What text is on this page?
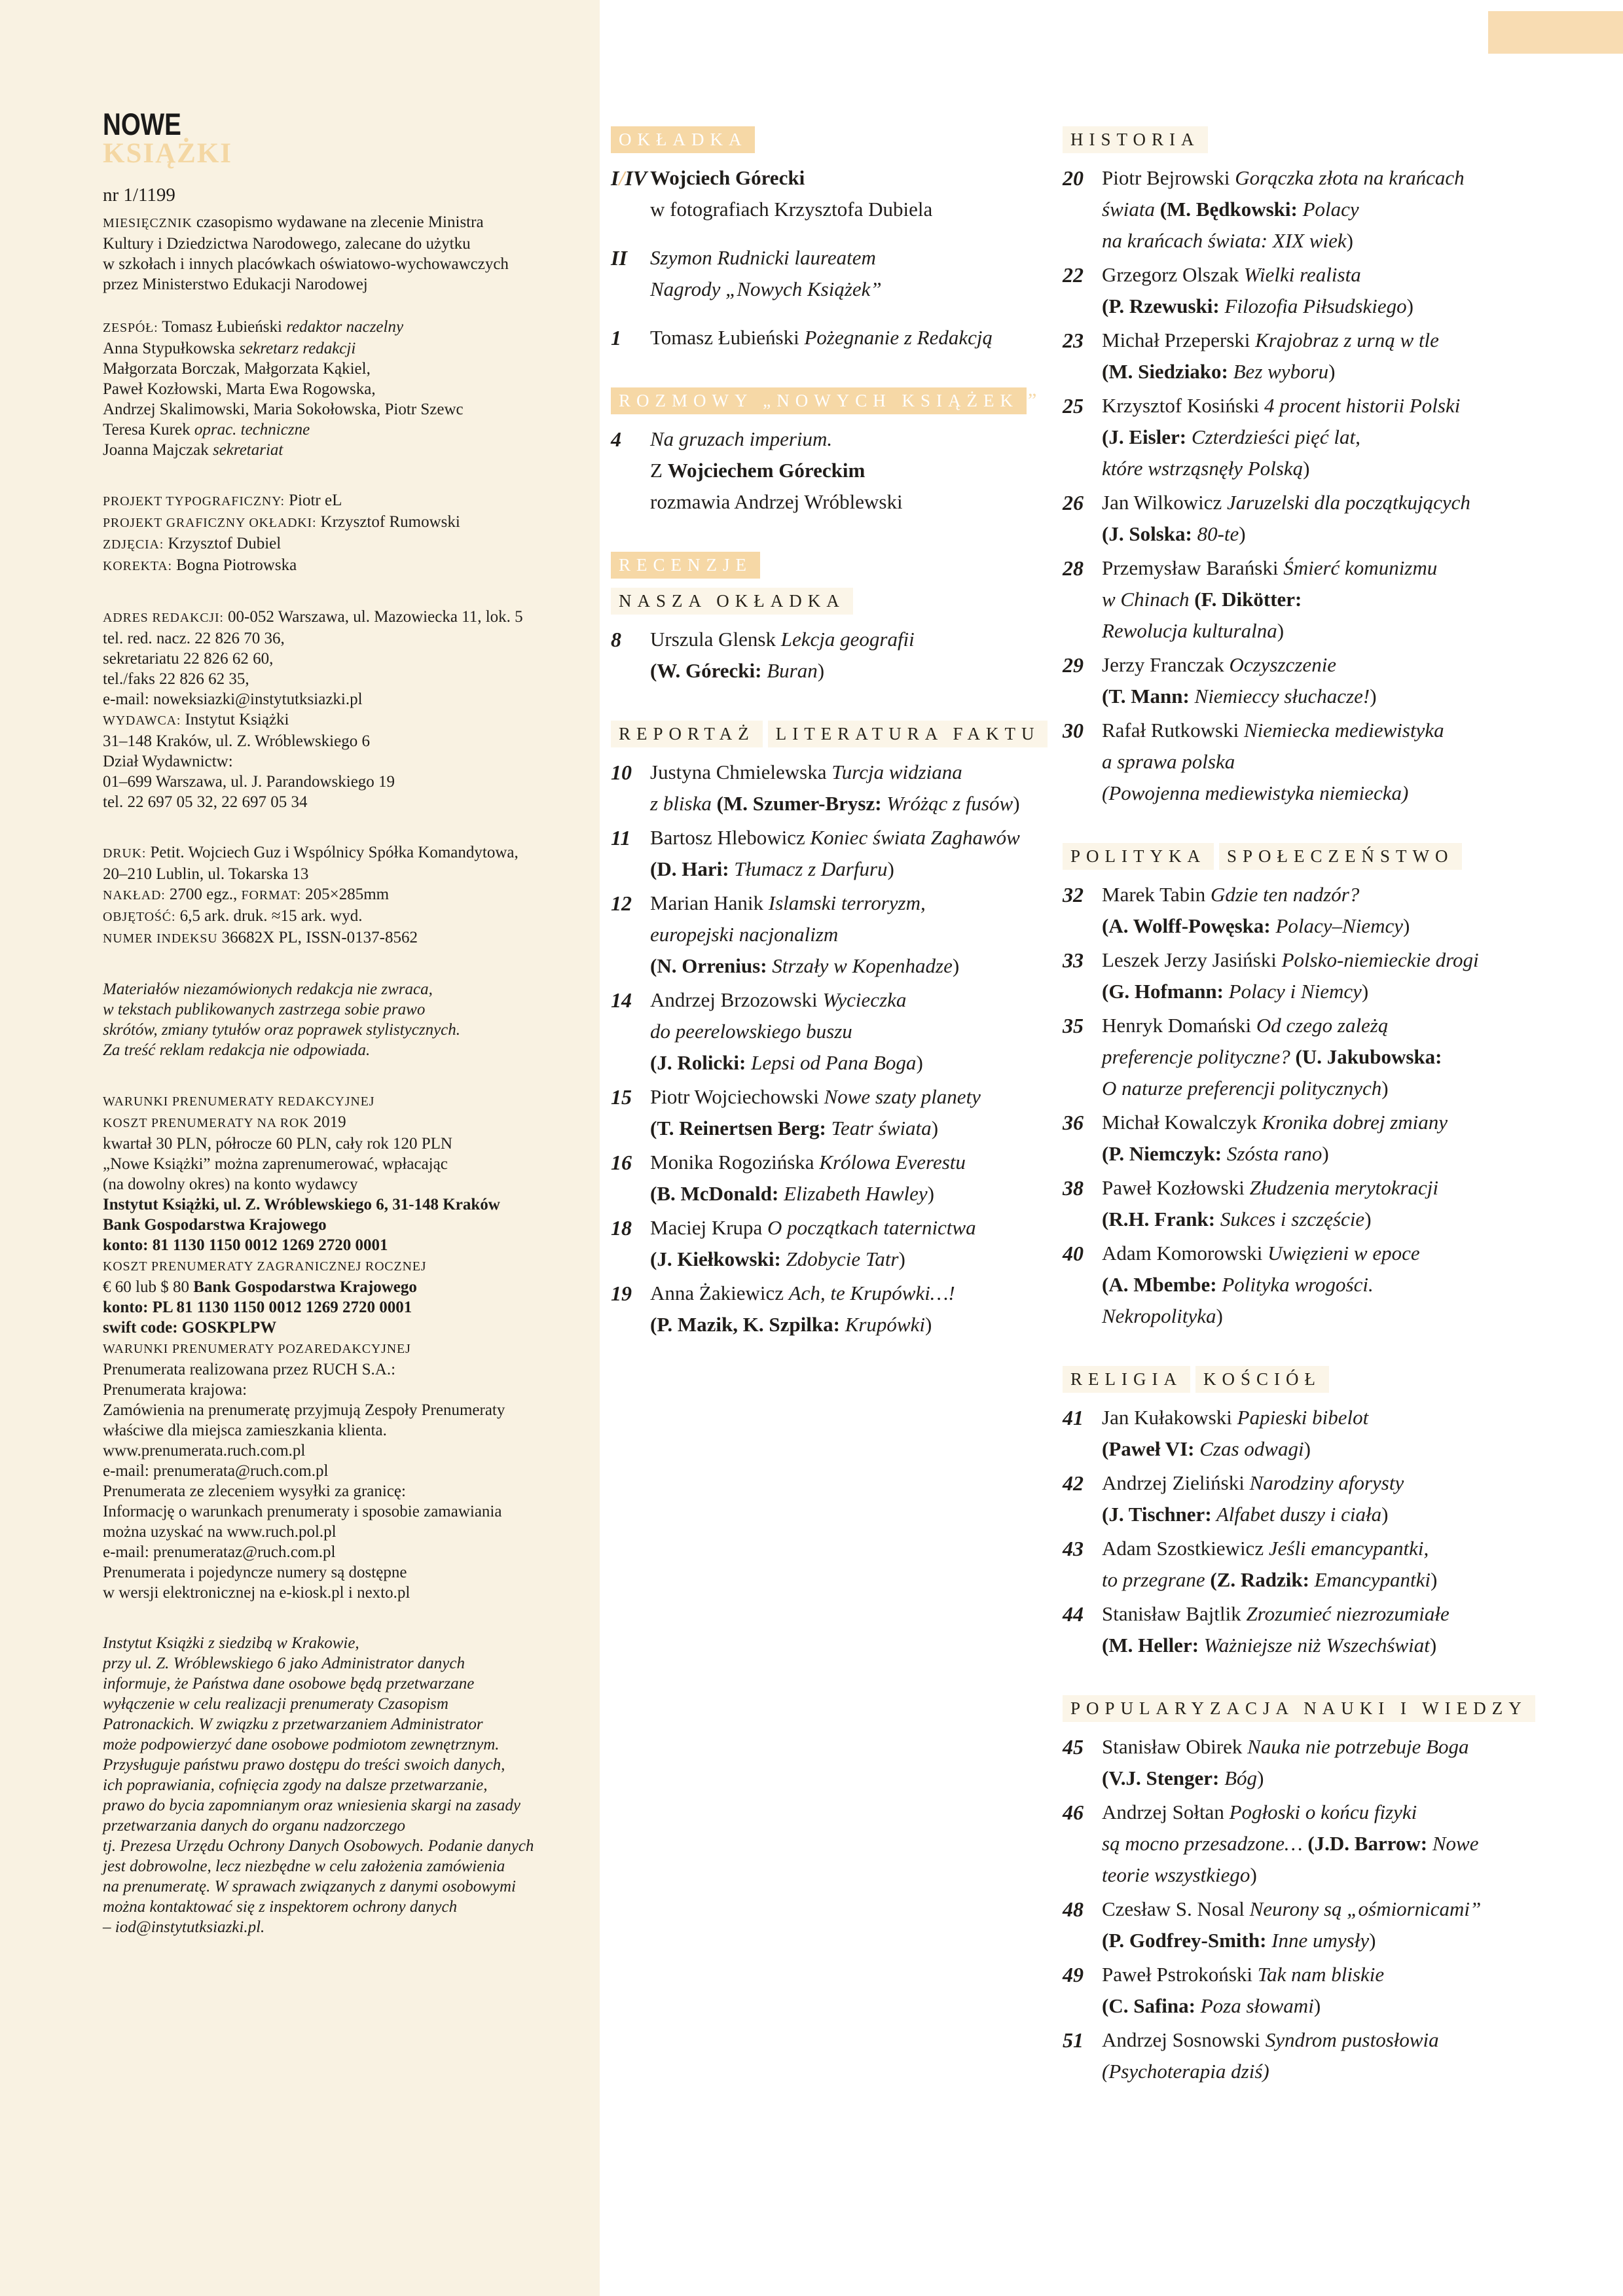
NOWE
KSIĄŻKI
nr 1/1199
MIESIĘCZNIK czasopismo wydawane na zlecenie Ministra
Kultury i Dziedzictwa Narodowego, zalecane do użytku
w szkołach i innych placówkach oświatowo-wychowawczych
przez Ministerstwo Edukacji Narodowej
ZESPÓŁ: Tomasz Łubieński redaktor naczelny
Anna Stypułkowska sekretarz redakcji
Małgorzata Borczak, Małgorzata Kąkiel,
Paweł Kozłowski, Marta Ewa Rogowska,
Andrzej Skalimowski, Maria Sokołowska, Piotr Szewc
Teresa Kurek oprac. techniczne
Joanna Majczak sekretariat
PROJEKT TYPOGRAFICZNY: Piotr eL
PROJEKT GRAFICZNY OKŁADKI: Krzysztof Rumowski
ZDJĘCIA: Krzysztof Dubiel
KOREKTA: Bogna Piotrowska
ADRES REDAKCJI: 00-052 Warszawa, ul. Mazowiecka 11, lok. 5
tel. red. nacz. 22 826 70 36,
sekretariatu 22 826 62 60,
tel./faks 22 826 62 35,
e-mail: noweksiazki@instytutksiazki.pl
WYDAWCA: Instytut Książki
31–148 Kraków, ul. Z. Wróblewskiego 6
Dział Wydawnictw:
01–699 Warszawa, ul. J. Parandowskiego 19
tel. 22 697 05 32, 22 697 05 34
DRUK: Petit. Wojciech Guz i Wspólnicy Spółka Komandytowa,
20–210 Lublin, ul. Tokarska 13
NAKŁAD: 2700 egz., FORMAT: 205×285mm
OBJĘTOŚĆ: 6,5 ark. druk. ≈15 ark. wyd.
NUMER INDEKSU 36682X PL, ISSN-0137-8562
Materiałów niezamówionych redakcja nie zwraca,
w tekstach publikowanych zastrzega sobie prawo
skrótów, zmiany tytułów oraz poprawek stylistycznych.
Za treść reklam redakcja nie odpowiada.
WARUNKI PRENUMERATY REDAKCYJNEJ
KOSZT PRENUMERATY NA ROK 2019
kwartał 30 PLN, półrocze 60 PLN, cały rok 120 PLN
„Nowe Książki” można zaprenumerować, wpłacając
(na dowolny okres) na konto wydawcy
Instytut Książki, ul. Z. Wróblewskiego 6, 31-148 Kraków
Bank Gospodarstwa Krajowego
konto: 81 1130 1150 0012 1269 2720 0001
KOSZT PRENUMERATY ZAGRANICZNEJ ROCZNEJ
€ 60 lub $ 80 Bank Gospodarstwa Krajowego
konto: PL 81 1130 1150 0012 1269 2720 0001
swift code: GOSKPLPW
WARUNKI PRENUMERATY POZAREDAKCYJNEJ
Prenumerata realizowana przez RUCH S.A.:
Prenumerata krajowa:
Zamówienia na prenumeratę przyjmują Zespoły Prenumeraty
właściwe dla miejsca zamieszkania klienta.
www.prenumerata.ruch.com.pl
e-mail: prenumerata@ruch.com.pl
Prenumerata ze zleceniem wysyłki za granicę:
Informację o warunkach prenumeraty i sposobie zamawiania
można uzyskać na www.ruch.pol.pl
e-mail: prenumerataz@ruch.com.pl
Prenumerata i pojedyncze numery są dostępne
w wersji elektronicznej na e-kiosk.pl i nexto.pl
Instytut Książki z siedzibą w Krakowie,
przy ul. Z. Wróblewskiego 6 jako Administrator danych
informuje, że Państwa dane osobowe będą przetwarzane
wyłączenie w celu realizacji prenumeraty Czasopism
Patronackich. W związku z przetwarzaniem Administrator
może podpowierzyć dane osobowe podmiotom zewnętrznym.
Przysługuje państwu prawo dostępu do treści swoich danych,
ich poprawiania, cofnięcia zgody na dalsze przetwarzanie,
prawo do bycia zapomnianym oraz wniesienia skargi na zasady
przetwarzania danych do organu nadzorczego
tj. Prezesa Urzędu Ochrony Danych Osobowych. Podanie danych
jest dobrowolne, lecz niezbędne w celu założenia zamówienia
na prenumeratę. W sprawach związanych z danymi osobowymi
można kontaktować się z inspektorem ochrony danych
– iod@instytutksiazki.pl.
OKŁADKA
I/IV Wojciech Górecki
w fotografiach Krzysztofa Dubiela
II	Szymon Rudnicki laureatem
Nagrody „Nowych Książek”
1	Tomasz Łubieński Pożegnanie z Redakcją
ROZMOWY „NOWYCH KSIĄŻEK ”
4	Na gruzach imperium.
Z Wojciechem Góreckim
rozmawia Andrzej Wróblewski
RECENZJE
NASZA OKŁADKA
8	Urszula Glensk Lekcja geografii
(W. Górecki: Buran)
REPORTAŻ LITERATURA FAKTU
10 Justyna Chmielewska Turcja widziana
z bliska (M. Szumer-Brysz: Wróżąc z fusów)
11 Bartosz Hlebowicz Koniec świata Zaghawów
(D. Hari: Tłumacz z Darfuru)
12 Marian Hanik Islamski terroryzm,
europejski nacjonalizm
(N. Orrenius: Strzały w Kopenhadze)
14 Andrzej Brzozowski Wycieczka
do peerelowskiego buszu
(J. Rolicki: Lepsi od Pana Boga)
15 Piotr Wojciechowski Nowe szaty planety
(T. Reinertsen Berg: Teatr świata)
16 Monika Rogozińska Królowa Everestu
(B. McDonald: Elizabeth Hawley)
18 Maciej Krupa O początkach taternictwa
(J. Kiełkowski: Zdobycie Tatr)
19 Anna Żakiewicz Ach, te Krupówki…!
(P. Mazik, K. Szpilka: Krupówki)
HISTORIA
20 Piotr Bejrowski Gorączka złota na krańcach
świata (M. Będkowski: Polacy
na krańcach świata: XIX wiek)
22 Grzegorz Olszak Wielki realista
(P. Rzewuski: Filozofia Piłsudskiego)
23 Michał Przeperski Krajobraz z urną w tle
(M. Siedziako: Bez wyboru)
25 Krzysztof Kosiński 4 procent historii Polski
(J. Eisler: Czterdzieści pięć lat,
które wstrząsnęły Polską)
26 Jan Wilkowicz Jaruzelski dla początkujących
(J. Solska: 80-te)
28 Przemysław Barański Śmierć komunizmu
w Chinach (F. Dikötter:
Rewolucja kulturalna)
29 Jerzy Franczak Oczyszczenie
(T. Mann: Niemieccy słuchacze!)
30 Rafał Rutkowski Niemiecka mediewistyka
a sprawa polska
(Powojenna mediewistyka niemiecka)
POLITYKA SPOŁECZEŃSTWO
32 Marek Tabin Gdzie ten nadzór?
(A. Wolff-Powęska: Polacy–Niemcy)
33 Leszek Jerzy Jasiński Polsko-niemieckie drogi
(G. Hofmann: Polacy i Niemcy)
35 Henryk Domański Od czego zależą
preferencje polityczne? (U. Jakubowska:
O naturze preferencji politycznych)
36 Michał Kowalczyk Kronika dobrej zmiany
(P. Niemczyk: Szósta rano)
38 Paweł Kozłowski Złudzenia merytokracji
(R.H. Frank: Sukces i szczęście)
40 Adam Komorowski Uwięzieni w epoce
(A. Mbembe: Polityka wrogości.
Nekropolityka)
RELIGIA KOŚCIÓŁ
41 Jan Kułakowski Papieski bibelot
(Paweł VI: Czas odwagi)
42 Andrzej Zieliński Narodziny aforysty
(J. Tischner: Alfabet duszy i ciała)
43 Adam Szostkiewicz Jeśli emancypantki,
to przegrane (Z. Radzik: Emancypantki)
44 Stanisław Bajtlik Zrozumieć niezrozumiałe
(M. Heller: Ważniejsze niż Wszechświat)
POPULARYZACJA NAUKI I WIEDZY
45 Stanisław Obirek Nauka nie potrzebuje Boga
(V.J. Stenger: Bóg)
46 Andrzej Sołtan Pogłoski o końcu fizyki
są mocno przesadzone… (J.D. Barrow: Nowe
teorie wszystkiego)
48 Czesław S. Nosal Neurony są „ośmiornicami”
(P. Godfrey-Smith: Inne umysły)
49 Paweł Pstrokoński Tak nam bliskie
(C. Safina: Poza słowami)
51 Andrzej Sosnowski Syndrom pustosłowia
(Psychoterapia dziś)
